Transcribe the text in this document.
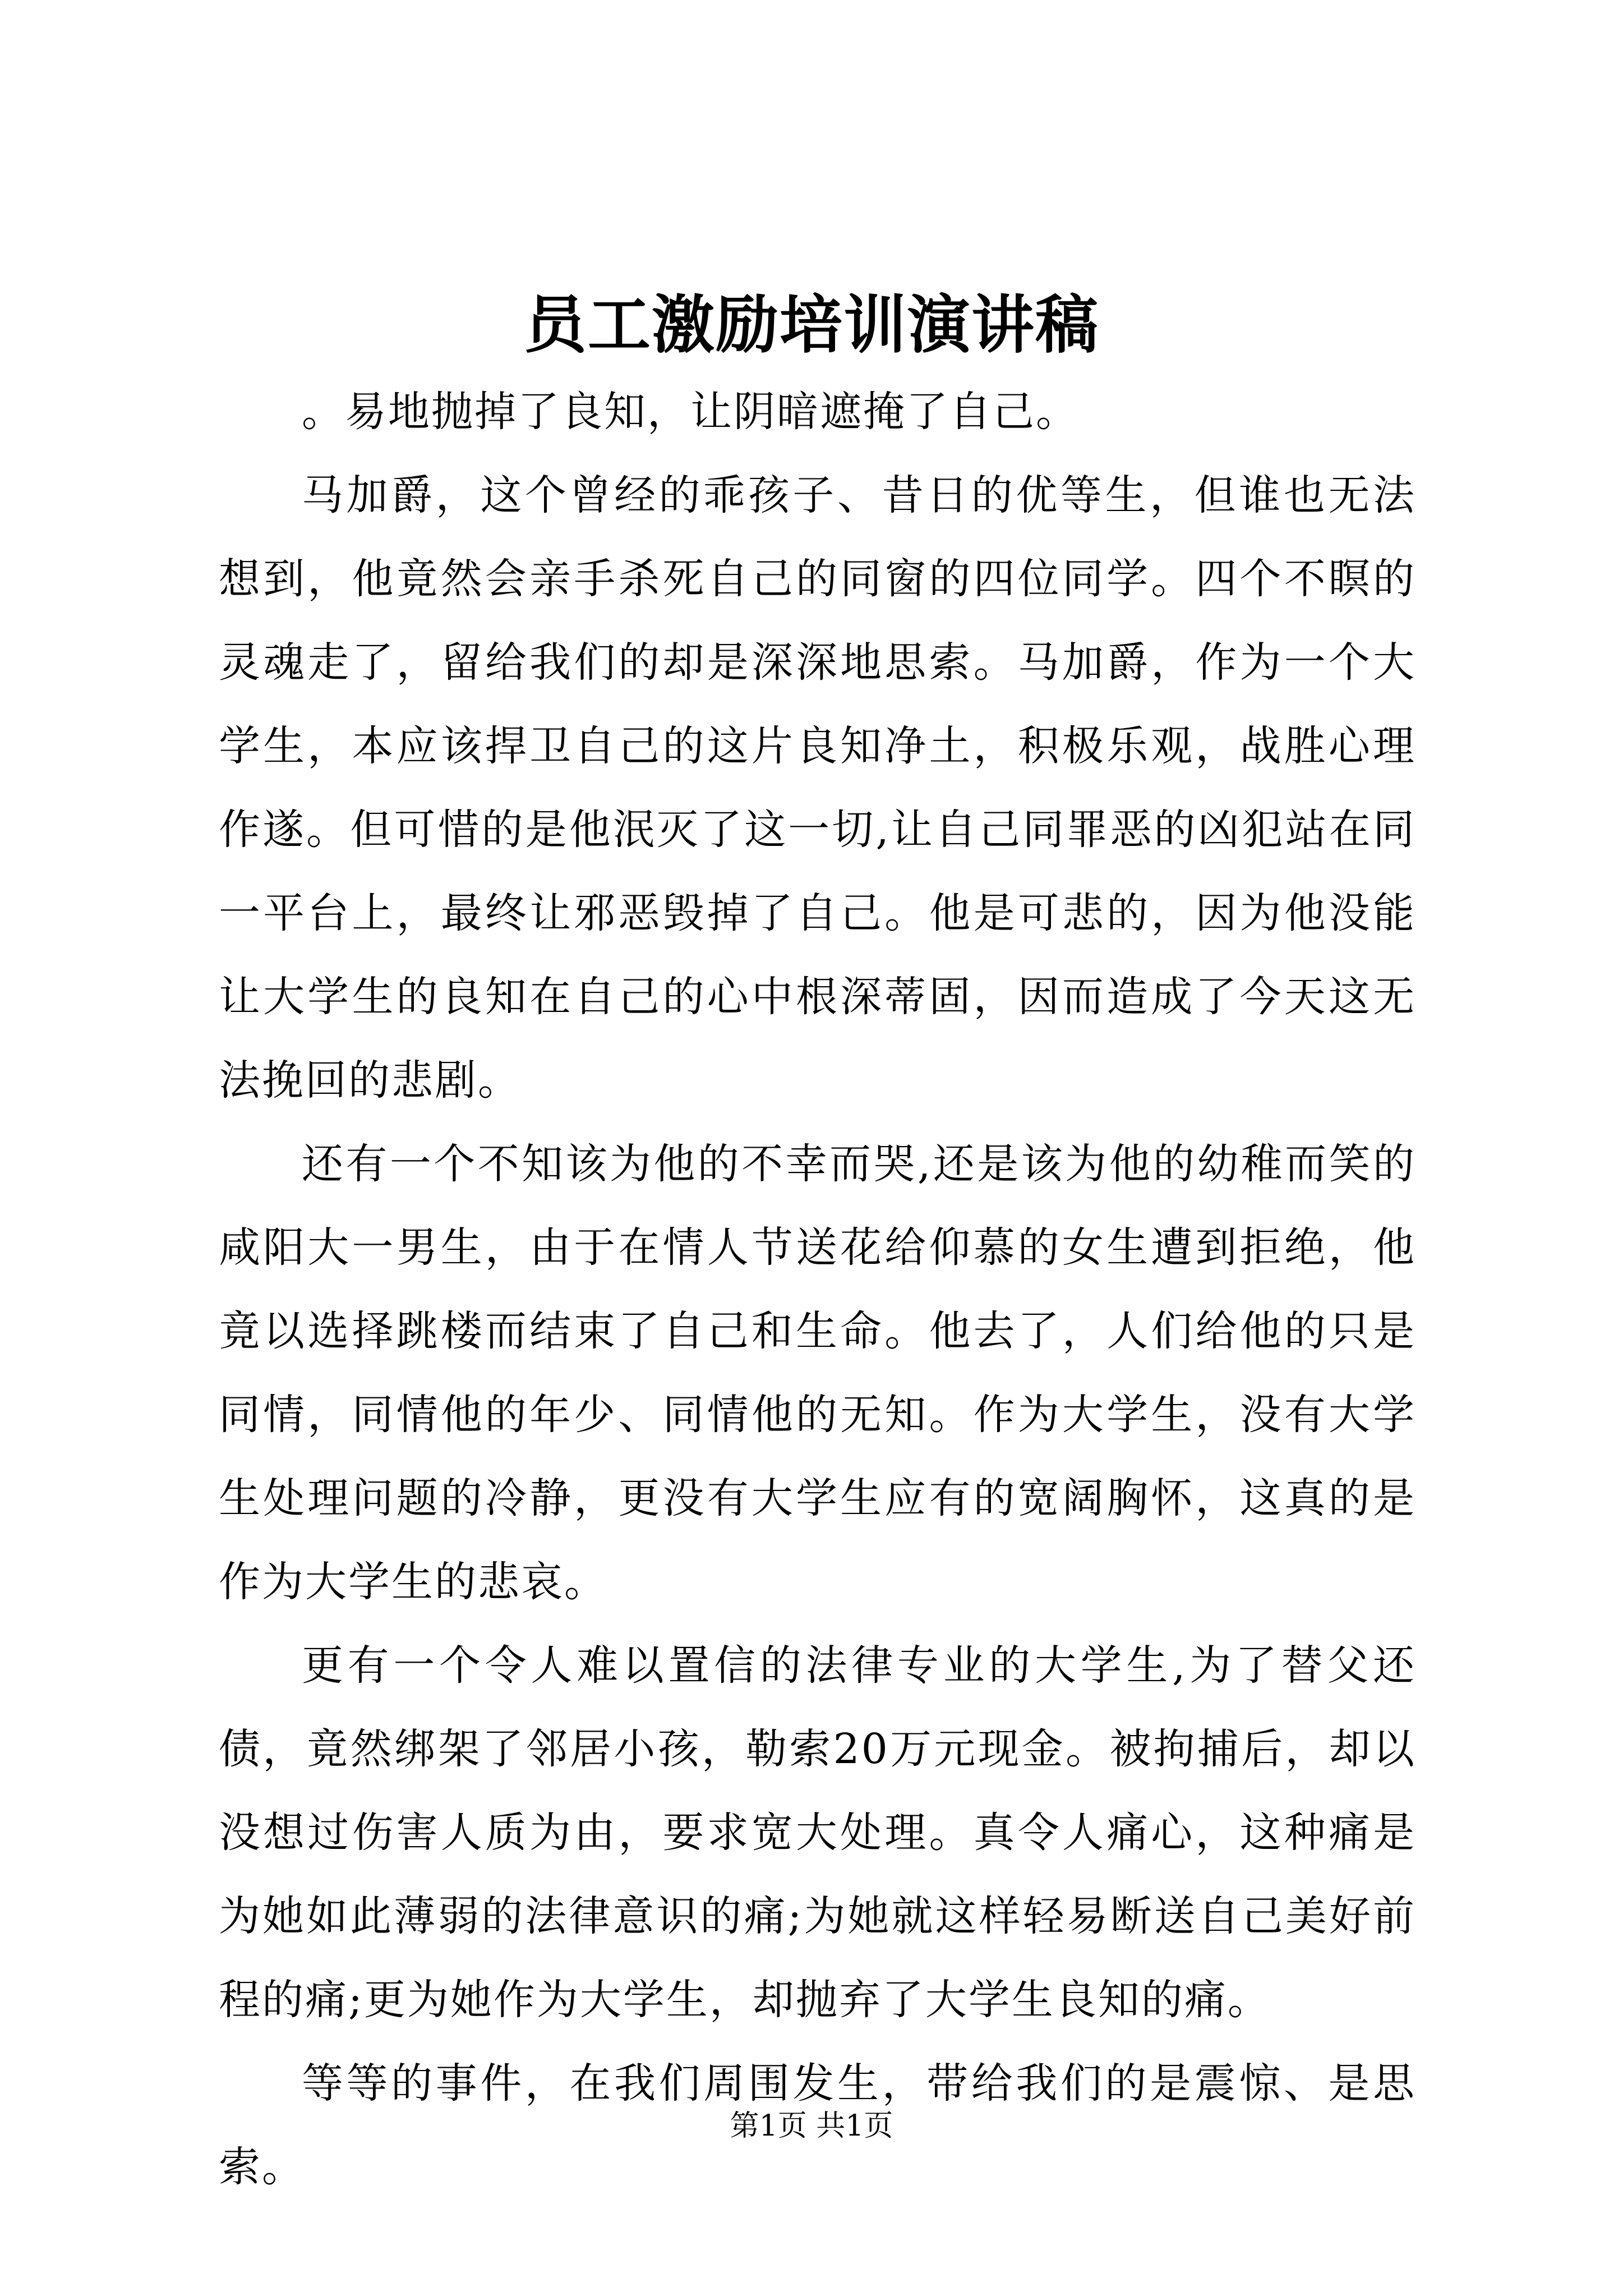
员工激励培训演讲稿

。易地抛掉了良知，让阴暗遮掩了自己。

马加爵，这个曾经的乖孩子、昔日的优等生，但谁也无法想到，他竟然会亲手杀死自己的同窗的四位同学。四个不瞑的灵魂走了，留给我们的却是深深地思索。马加爵，作为一个大学生，本应该捍卫自己的这片良知净土，积极乐观，战胜心理作遂。但可惜的是他泯灭了这一切,让自己同罪恶的凶犯站在同一平台上，最终让邪恶毁掉了自己。他是可悲的，因为他没能让大学生的良知在自己的心中根深蒂固，因而造成了今天这无法挽回的悲剧。

还有一个不知该为他的不幸而哭,还是该为他的幼稚而笑的咸阳大一男生，由于在情人节送花给仰慕的女生遭到拒绝，他竟以选择跳楼而结束了自己和生命。他去了，人们给他的只是同情，同情他的年少、同情他的无知。作为大学生，没有大学生处理问题的冷静，更没有大学生应有的宽阔胸怀，这真的是作为大学生的悲哀。

更有一个令人难以置信的法律专业的大学生,为了替父还债，竟然绑架了邻居小孩，勒索20万元现金。被拘捕后，却以没想过伤害人质为由，要求宽大处理。真令人痛心，这种痛是为她如此薄弱的法律意识的痛;为她就这样轻易断送自己美好前程的痛;更为她作为大学生，却抛弃了大学生良知的痛。

等等的事件，在我们周围发生，带给我们的是震惊、是思索。

第1页 共1页
